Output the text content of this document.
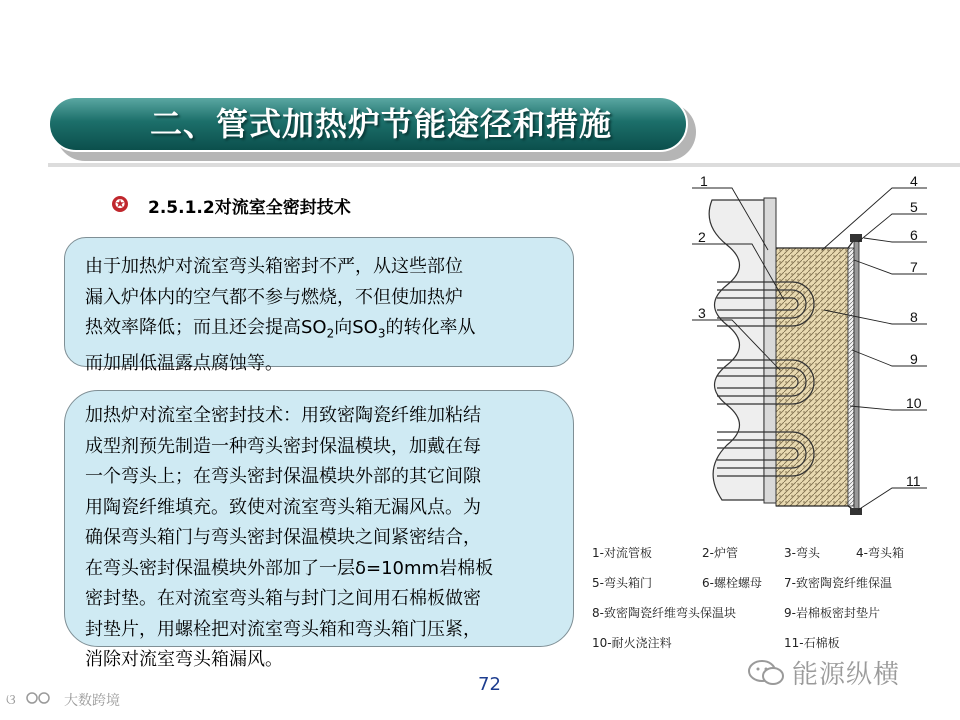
二、管式加热炉节能途径和措施
✪ 2.5.1.2对流室全密封技术
由于加热炉对流室弯头箱密封不严，从这些部位
漏入炉体内的空气都不参与燃烧，不但使加热炉
热效率降低；而且还会提高$SO_2$向$SO_3$的转化率从
而加剧低温露点腐蚀等。
加热炉对流室全密封技术：用致密陶瓷纤维加粘结
成型剂预先制造一种弯头密封保温模块，加戴在每
一个弯头上；在弯头密封保温模块外部的其它间隙
用陶瓷纤维填充。致使对流室弯头箱无漏风点。为
确保弯头箱门与弯头密封保温模块之间紧密结合，
在弯头密封保温模块外部加了一层δ=10mm岩棉板
密封垫。在对流室弯头箱与封门之间用石棉板做密
封垫片，用螺栓把对流室弯头箱和弯头箱门压紧，
消除对流室弯头箱漏风。
1
2
3
4
5
6
7
8
9
10
11
1-对流管板	2-炉管	3-弯头	4-弯头箱
5-弯头箱门	6-螺栓螺母 7-致密陶瓷纤维保温
8-致密陶瓷纤维弯头保温块	9-岩棉板密封垫片
10-耐火浇注料	11-石棉板
72	能源纵横
ଓ	大数跨境
